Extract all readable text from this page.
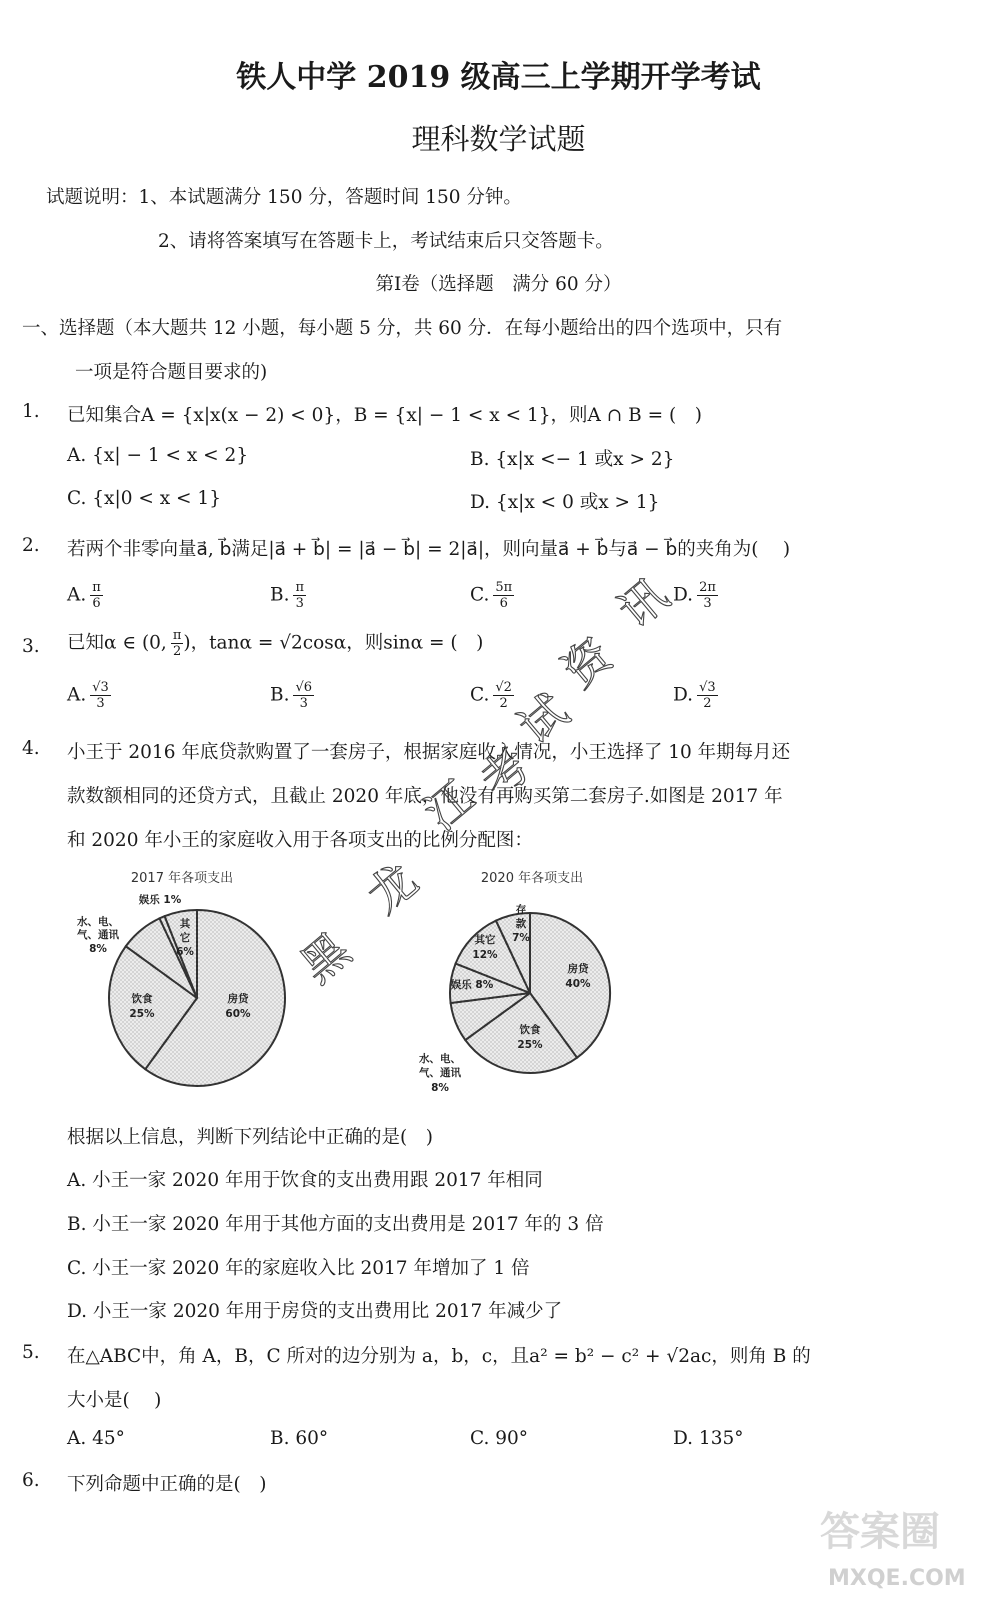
铁人中学 2019 级高三上学期开学考试
理科数学试题
试题说明：1、本试题满分 150 分，答题时间 150 分钟。
2、请将答案填写在答题卡上，考试结束后只交答题卡。
第Ⅰ卷（选择题　满分 60 分）
一、选择题（本大题共 12 小题，每小题 5 分，共 60 分．在每小题给出的四个选项中，只有
一项是符合题目要求的)
1. 已知集合A = {x|x(x − 2) < 0}，B = {x| − 1 < x < 1}，则A ∩ B = (　)
A. {x| − 1 < x < 2}	B. {x|x <− 1 或x > 2}
C. {x|0 < x < 1}	D. {x|x < 0 或x > 1}
2. 若两个非零向量a⃗, b⃗满足|a⃗ + b⃗| = |a⃗ − b⃗| = 2|a⃗|，则向量a⃗ + b⃗与a⃗ − b⃗的夹角为(　 )
A. $\frac{\pi}{6}$	B. $\frac{\pi}{3}$	C. $\frac{5\pi}{6}$	D. $\frac{2\pi}{3}$
3. 已知α ∈ (0, $\frac{\pi}{2}$ )，tanα = √2cosα，则sinα = (　)
A. $\frac{√3}{3}$	B. $\frac{√6}{3}$	C. $\frac{√2}{2}$	D. $\frac{√3}{2}$
4. 小王于 2016 年底贷款购置了一套房子，根据家庭收入情况，小王选择了 10 年期每月还
款数额相同的还贷方式，且截止 2020 年底，他没有再购买第二套房子.如图是 2017 年
和 2020 年小王的家庭收入用于各项支出的比例分配图：
2017 年各项支出
房贷
60%
饮食
25%
水、电、
气、通讯
8%
娱乐 1%
其
它
6%
2020 年各项支出
房贷
40%
饮食
25%
水、电、
气、通讯
8%
娱乐 8%
其它
12%
存
款
7%
根据以上信息，判断下列结论中正确的是(　)
A. 小王一家 2020 年用于饮食的支出费用跟 2017 年相同
B. 小王一家 2020 年用于其他方面的支出费用是 2017 年的 3 倍
C. 小王一家 2020 年的家庭收入比 2017 年增加了 1 倍
D. 小王一家 2020 年用于房贷的支出费用比 2017 年减少了
5. 在△ABC中，角 A，B，C 所对的边分别为 a，b，c，且a² = b² − c² + √2ac，则角 B 的
大小是(　 )
A. 45°	B. 60°	C. 90°	D. 135°
6. 下列命题中正确的是(　)
黑
龙
江
考
试
资
讯
答案圈
MXQE.COM
